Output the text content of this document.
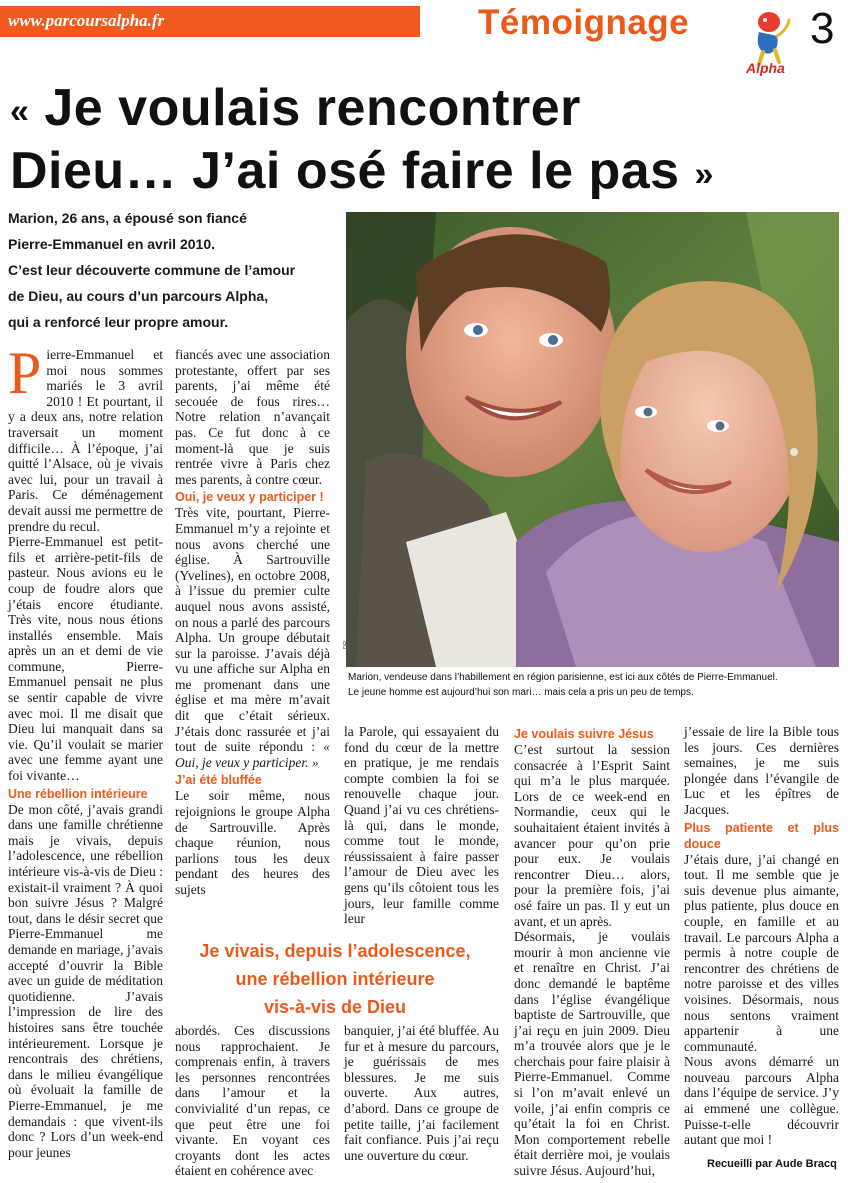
www.parcoursalpha.fr	Témoignage
Alpha
3
« Je voulais rencontrer
Dieu… J’ai osé faire le pas »
Marion, 26 ans, a épousé son fiancé
Pierre-Emmanuel en avril 2010.
C’est leur découverte commune de l’amour
de Dieu, au cours d’un parcours Alpha,
qui a renforcé leur propre amour.
DR
Marion, vendeuse dans l’habillement en région parisienne, est ici aux côtés de Pierre-Emmanuel.
Le jeune homme est aujourd’hui son mari… mais cela a pris un peu de temps.

Pierre-Emmanuel et moi nous sommes mariés le 3 avril 2010 ! Et pourtant, il y a deux ans, notre relation traversait un moment difficile… À l’époque, j’ai quitté l’Alsace, où je vivais avec lui, pour un travail à Paris. Ce déménagement devait aussi me permettre de prendre du recul.

Pierre-Emmanuel est petit-fils et arrière-petit-fils de pasteur. Nous avions eu le coup de foudre alors que j’étais encore étudiante. Très vite, nous nous étions installés ensemble. Mais après un an et demi de vie commune, Pierre-Emmanuel pensait ne plus se sentir capable de vivre avec moi. Il me disait que Dieu lui manquait dans sa vie. Qu’il voulait se marier avec une femme ayant une foi vivante…

Une rébellion intérieure

De mon côté, j’avais grandi dans une famille chrétienne mais je vivais, depuis l’adolescence, une rébellion intérieure vis-à-vis de Dieu : existait-il vraiment ? À quoi bon suivre Jésus ? Malgré tout, dans le désir secret que Pierre-Emmanuel me demande en mariage, j’avais accepté d’ouvrir la Bible avec un guide de méditation quotidienne. J’avais l’impression de lire des histoires sans être touchée intérieurement. Lorsque je rencontrais des chrétiens, dans le milieu évangélique où évoluait la famille de Pierre-Emmanuel, je me demandais : que vivent-ils donc ? Lors d’un week-end pour jeunes

fiancés avec une association protestante, offert par ses parents, j’ai même été secouée de fous rires… Notre relation n’avançait pas. Ce fut donc à ce moment-là que je suis rentrée vivre à Paris chez mes parents, à contre cœur.

Oui, je veux y participer !

Très vite, pourtant, Pierre-Emmanuel m’y a rejointe et nous avons cherché une église. À Sartrouville (Yvelines), en octobre 2008, à l’issue du premier culte auquel nous avons assisté, on nous a parlé des parcours Alpha. Un groupe débutait sur la paroisse. J’avais déjà vu une affiche sur Alpha en me promenant dans une église et ma mère m’avait dit que c’était sérieux. J’étais donc rassurée et j’ai tout de suite répondu : « Oui, je veux y participer. »

J’ai été bluffée

Le soir même, nous rejoignions le groupe Alpha de Sartrouville. Après chaque réunion, nous parlions tous les deux pendant des heures des sujets

la Parole, qui essayaient du fond du cœur de la mettre en pratique, je me rendais compte combien la foi se renouvelle chaque jour. Quand j’ai vu ces chrétiens-là qui, dans le monde, comme tout le monde, réussissaient à faire passer l’amour de Dieu avec les gens qu’ils côtoient tous les jours, leur famille comme leur

Je vivais, depuis l’adolescence,
une rébellion intérieure
vis-à-vis de Dieu

abordés. Ces discussions nous rapprochaient. Je comprenais enfin, à travers les personnes rencontrées dans l’amour et la convivialité d’un repas, ce que peut être une foi vivante. En voyant ces croyants dont les actes étaient en cohérence avec

banquier, j’ai été bluffée. Au fur et à mesure du parcours, je guérissais de mes blessures. Je me suis ouverte. Aux autres, d’abord. Dans ce groupe de petite taille, j’ai facilement fait confiance. Puis j’ai reçu une ouverture du cœur.

Je voulais suivre Jésus

C’est surtout la session consacrée à l’Esprit Saint qui m’a le plus marquée. Lors de ce week-end en Normandie, ceux qui le souhaitaient étaient invités à avancer pour qu’on prie pour eux. Je voulais rencontrer Dieu… alors, pour la première fois, j’ai osé faire un pas. Il y eut un avant, et un après.

Désormais, je voulais mourir à mon ancienne vie et renaître en Christ. J’ai donc demandé le baptême dans l’église évangélique baptiste de Sartrouville, que j’ai reçu en juin 2009. Dieu m’a trouvée alors que je le cherchais pour faire plaisir à Pierre-Emmanuel. Comme si l’on m’avait enlevé un voile, j’ai enfin compris ce qu’était la foi en Christ. Mon comportement rebelle était derrière moi, je voulais suivre Jésus. Aujourd’hui,

j’essaie de lire la Bible tous les jours. Ces dernières semaines, je me suis plongée dans l’évangile de Luc et les épîtres de Jacques.

Plus patiente et plus douce

J’étais dure, j’ai changé en tout. Il me semble que je suis devenue plus aimante, plus patiente, plus douce en couple, en famille et au travail. Le parcours Alpha a permis à notre couple de rencontrer des chrétiens de notre paroisse et des villes voisines. Désormais, nous nous sentons vraiment appartenir à une communauté.

Nous avons démarré un nouveau parcours Alpha dans l’équipe de service. J’y ai emmené une collègue. Puisse-t-elle découvrir autant que moi !

Recueilli par Aude Bracq
